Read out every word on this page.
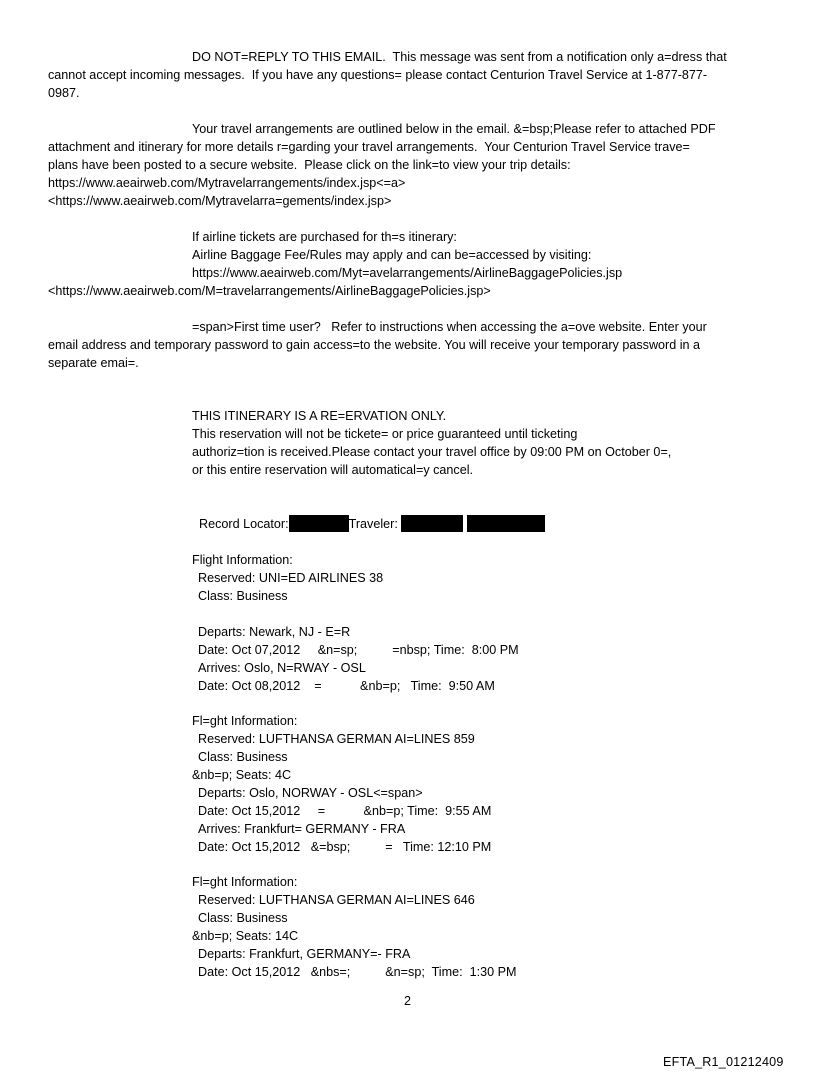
DO NOT=REPLY TO THIS EMAIL.  This message was sent from a notification only a=dress that
cannot accept incoming messages.  If you have any questions= please contact Centurion Travel Service at 1-877-877-
0987.
Your travel arrangements are outlined below in the email. &=bsp;Please refer to attached PDF
attachment and itinerary for more details r=garding your travel arrangements.  Your Centurion Travel Service trave=
plans have been posted to a secure website.  Please click on the link=to view your trip details:
https://www.aeairweb.com/Mytravelarrangements/index.jsp<=a>
<https://www.aeairweb.com/Mytravelarra=gements/index.jsp>
If airline tickets are purchased for th=s itinerary:
Airline Baggage Fee/Rules may apply and can be=accessed by visiting:
https://www.aeairweb.com/Myt=avelarrangements/AirlineBaggagePolicies.jsp
<https://www.aeairweb.com/M=travelarrangements/AirlineBaggagePolicies.jsp>
=span>First time user?   Refer to instructions when accessing the a=ove website. Enter your
email address and temporary password to gain access=to the website. You will receive your temporary password in a
separate emai=.
THIS ITINERARY IS A RE=ERVATION ONLY.
This reservation will not be tickete= or price guaranteed until ticketing
authoriz=tion is received.Please contact your travel office by 09:00 PM on October 0=,
or this entire reservation will automatical=y cancel.

Record Locator:	Traveler:

Flight Information:
Reserved: UNI=ED AIRLINES 38
Class: Business
Departs: Newark, NJ - E=R
Date: Oct 07,2012     &n=sp;          =nbsp; Time:  8:00 PM
Arrives: Oslo, N=RWAY - OSL
Date: Oct 08,2012    =           &nb=p;   Time:  9:50 AM
Fl=ght Information:
Reserved: LUFTHANSA GERMAN AI=LINES 859
Class: Business
&nb=p; Seats: 4C
Departs: Oslo, NORWAY - OSL<=span>
Date: Oct 15,2012     =           &nb=p; Time:  9:55 AM
Arrives: Frankfurt= GERMANY - FRA
Date: Oct 15,2012   &=bsp;          =   Time: 12:10 PM
Fl=ght Information:
Reserved: LUFTHANSA GERMAN AI=LINES 646
Class: Business
&nb=p; Seats: 14C
Departs: Frankfurt, GERMANY=- FRA
Date: Oct 15,2012   &nbs=;          &n=sp;  Time:  1:30 PM
2
EFTA_R1_01212409
